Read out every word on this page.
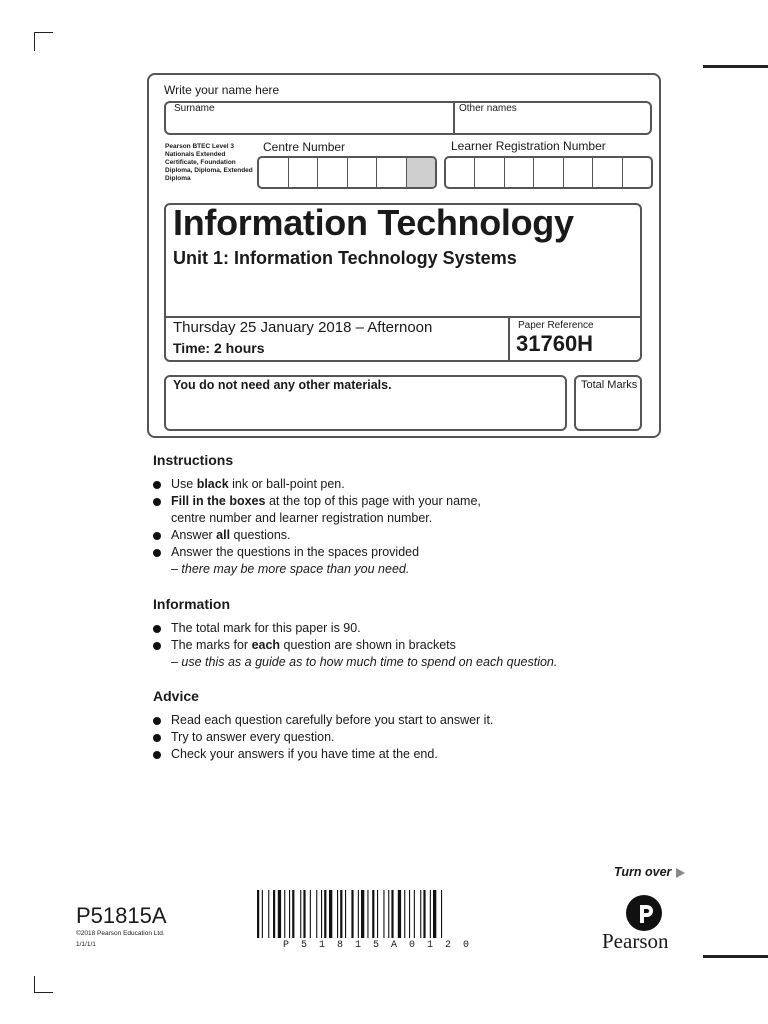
Write your name here
Surname	Other names
Pearson BTEC Level 3 Nationals Extended Certificate, Foundation Diploma, Diploma, Extended Diploma
Centre Number	Learner Registration Number
Information Technology
Unit 1: Information Technology Systems
Thursday 25 January 2018 – Afternoon
Time: 2 hours
Paper Reference
31760H
You do not need any other materials.	Total Marks
Instructions
Use black ink or ball-point pen.
Fill in the boxes at the top of this page with your name,
centre number and learner registration number.
Answer all questions.
Answer the questions in the spaces provided
– there may be more space than you need.
Information
The total mark for this paper is 90.
The marks for each question are shown in brackets
– use this as a guide as to how much time to spend on each question.
Advice
Read each question carefully before you start to answer it.
Try to answer every question.
Check your answers if you have time at the end.
Turn over
P51815A
©2018 Pearson Education Ltd.
1/1/1/1	P51815A0120	Pearson
